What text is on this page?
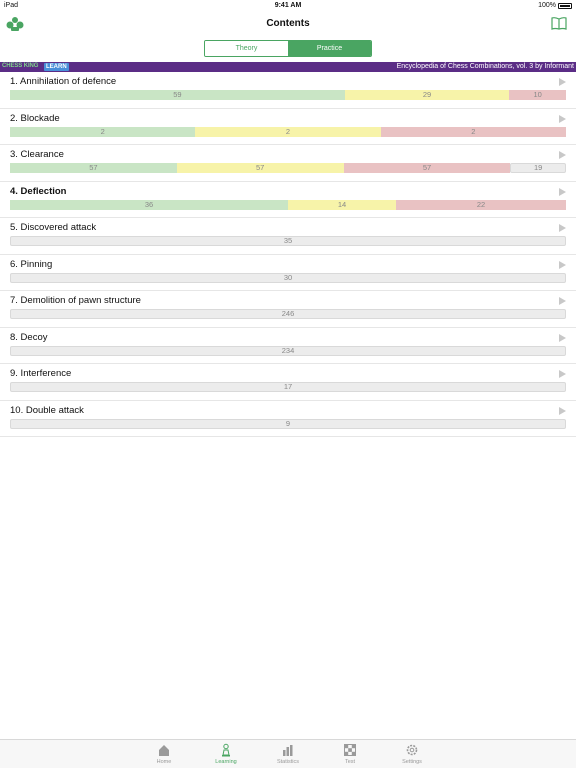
iPad	9:41 AM	100%
Contents
Theory	Practice
CHESS KING	LEARN	Encyclopedia of Chess Combinations, vol. 3 by Informant
1. Annihilation of defence
59	29	10
2. Blockade
2	2	2
3. Clearance
57	57	57	19
4. Deflection
36	14	22
5. Discovered attack
35
6. Pinning
30
7. Demolition of pawn structure
246
8. Decoy
234
9. Interference
17
10. Double attack
9
Home	Learning	Statistics	Test	Settings
